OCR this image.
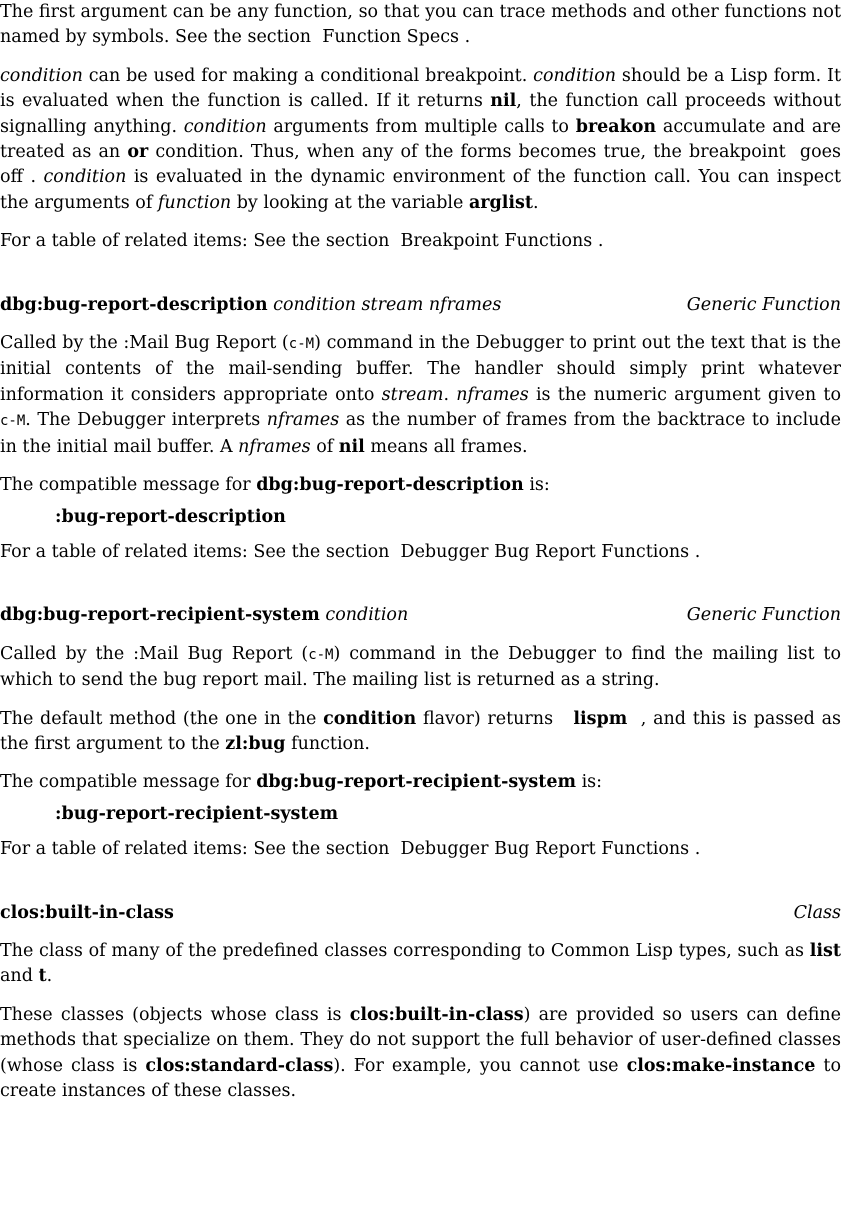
The first argument can be any function, so that you can trace methods and other functions not named by symbols. See the section Function Specs .

condition can be used for making a conditional breakpoint. condition should be a Lisp form. It is evaluated when the function is called. If it returns nil, the function call proceeds without signalling anything. condition arguments from multiple calls to breakon accumulate and are treated as an or condition. Thus, when any of the forms becomes true, the breakpoint goes off . condition is evaluated in the dynamic environment of the function call. You can inspect the arguments of function by looking at the variable arglist.

For a table of related items: See the section Breakpoint Functions .

dbg:bug-report-description condition stream nframes	Generic Function

Called by the :Mail Bug Report (c-M) command in the Debugger to print out the text that is the initial contents of the mail-sending buffer. The handler should simply print whatever information it considers appropriate onto stream. nframes is the numeric argument given to c-M. The Debugger interprets nframes as the number of frames from the backtrace to include in the initial mail buffer. A nframes of nil means all frames.

The compatible message for dbg:bug-report-description is:

:bug-report-description

For a table of related items: See the section Debugger Bug Report Functions .

dbg:bug-report-recipient-system condition	Generic Function

Called by the :Mail Bug Report (c-M) command in the Debugger to find the mailing list to which to send the bug report mail. The mailing list is returned as a string.

The default method (the one in the condition flavor) returns lispm , and this is passed as the first argument to the zl:bug function.

The compatible message for dbg:bug-report-recipient-system is:

:bug-report-recipient-system

For a table of related items: See the section Debugger Bug Report Functions .

clos:built-in-class	Class

The class of many of the predefined classes corresponding to Common Lisp types, such as list and t.

These classes (objects whose class is clos:built-in-class) are provided so users can define methods that specialize on them. They do not support the full behavior of user-defined classes (whose class is clos:standard-class). For example, you cannot use clos:make-instance to create instances of these classes.
